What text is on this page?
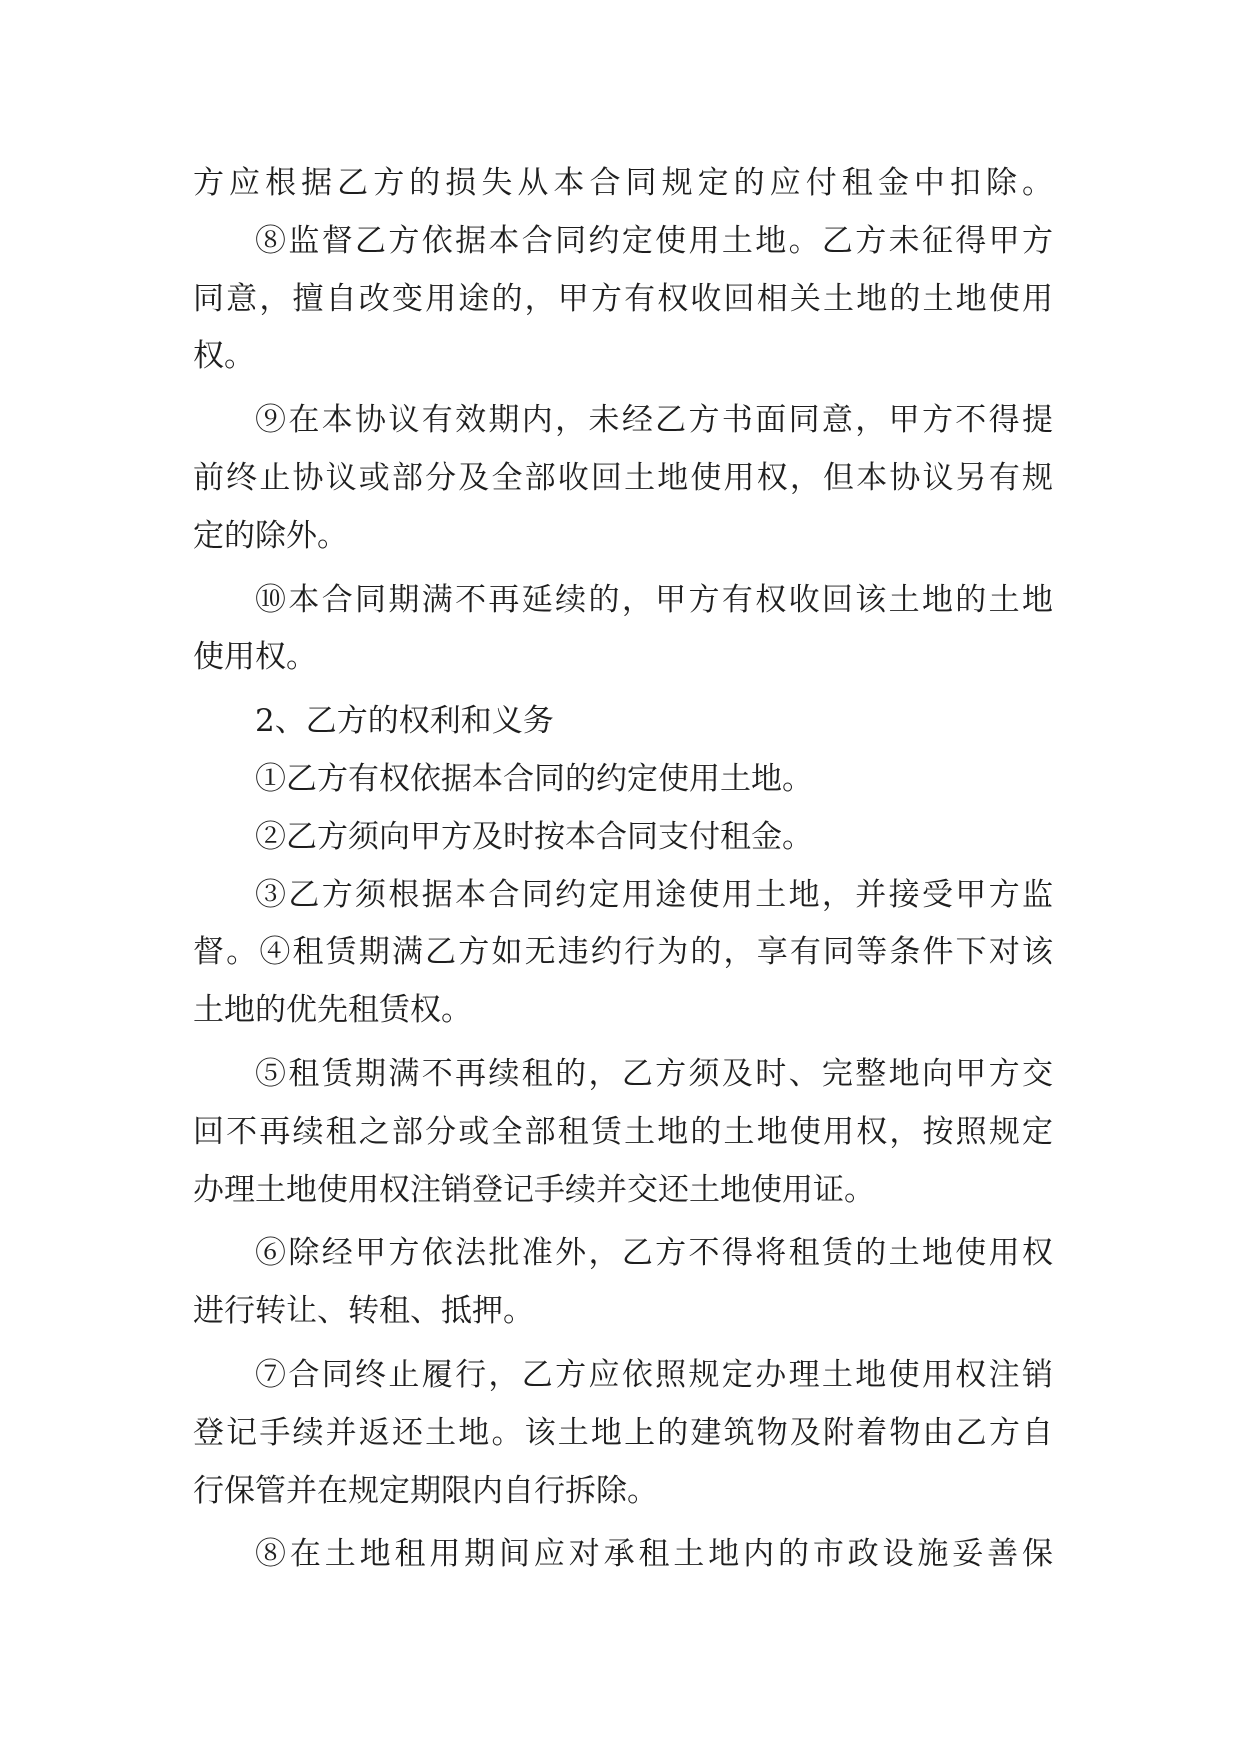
方应根据乙方的损失从本合同规定的应付租金中扣除。
⑧监督乙方依据本合同约定使用土地。乙方未征得甲方
同意，擅自改变用途的，甲方有权收回相关土地的土地使用
权。
⑨在本协议有效期内，未经乙方书面同意，甲方不得提
前终止协议或部分及全部收回土地使用权，但本协议另有规
定的除外。
⑩本合同期满不再延续的，甲方有权收回该土地的土地
使用权。
2、乙方的权利和义务
①乙方有权依据本合同的约定使用土地。
②乙方须向甲方及时按本合同支付租金。
③乙方须根据本合同约定用途使用土地，并接受甲方监
督。④租赁期满乙方如无违约行为的，享有同等条件下对该
土地的优先租赁权。
⑤租赁期满不再续租的，乙方须及时、完整地向甲方交
回不再续租之部分或全部租赁土地的土地使用权，按照规定
办理土地使用权注销登记手续并交还土地使用证。
⑥除经甲方依法批准外，乙方不得将租赁的土地使用权
进行转让、转租、抵押。
⑦合同终止履行，乙方应依照规定办理土地使用权注销
登记手续并返还土地。该土地上的建筑物及附着物由乙方自
行保管并在规定期限内自行拆除。
⑧在土地租用期间应对承租土地内的市政设施妥善保
